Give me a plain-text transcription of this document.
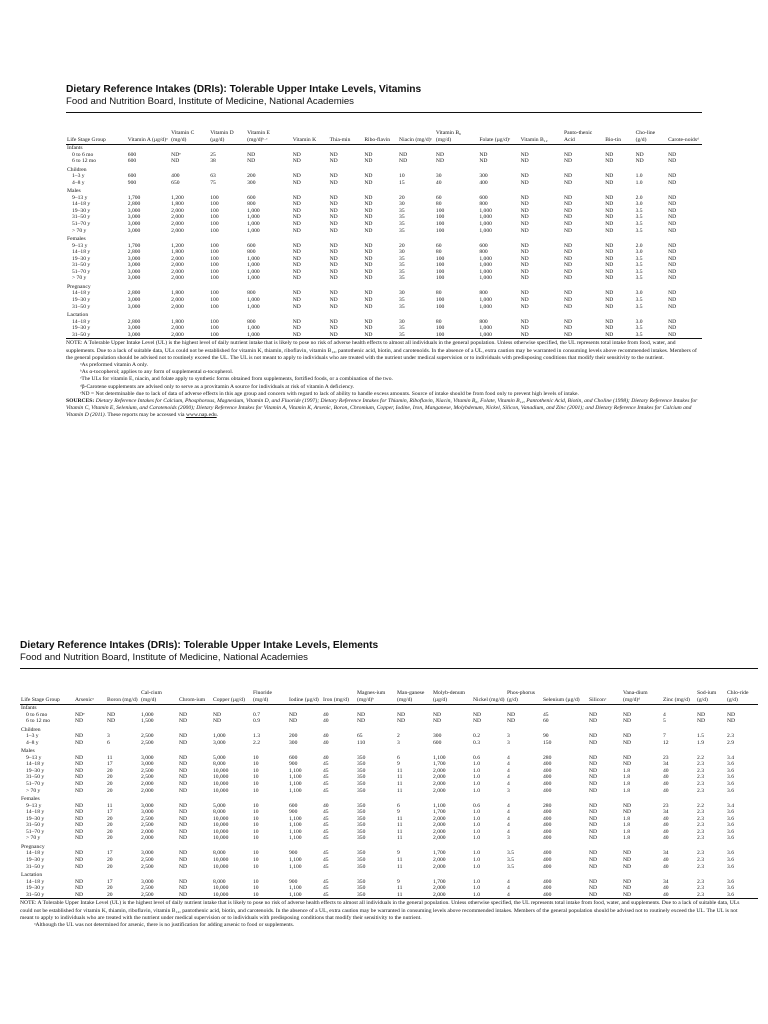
Dietary Reference Intakes (DRIs): Tolerable Upper Intake Levels, Vitamins
Food and Nutrition Board, Institute of Medicine, National Academies
Life Stage Group	Vitamin A (µg/d)ᵃ	Vitamin C (mg/d)	Vitamin D (µg/d)	Vitamin E (mg/d)ᵇ·ᶜ	Vitamin K	Thia-min	Ribo-flavin	Niacin (mg/d)ᶜ	Vitamin B₆ (mg/d)	Folate (µg/d)ᶜ	Vitamin B₁₂	Panto-thenic Acid	Bio-tin	Cho-line (g/d)	Carote-noidsᵈ
Infants															
0 to 6 mo	600	NDᵉ	25	ND	ND	ND	ND	ND	ND	ND	ND	ND	ND	ND	ND
6 to 12 mo	600	ND	38	ND	ND	ND	ND	ND	ND	ND	ND	ND	ND	ND	ND
Children															
1–3 y	600	400	63	200	ND	ND	ND	10	30	300	ND	ND	ND	1.0	ND
4–8 y	900	650	75	300	ND	ND	ND	15	40	400	ND	ND	ND	1.0	ND
Males															
9–13 y	1,700	1,200	100	600	ND	ND	ND	20	60	600	ND	ND	ND	2.0	ND
14–18 y	2,800	1,800	100	800	ND	ND	ND	30	80	800	ND	ND	ND	3.0	ND
19–30 y	3,000	2,000	100	1,000	ND	ND	ND	35	100	1,000	ND	ND	ND	3.5	ND
31–50 y	3,000	2,000	100	1,000	ND	ND	ND	35	100	1,000	ND	ND	ND	3.5	ND
51–70 y	3,000	2,000	100	1,000	ND	ND	ND	35	100	1,000	ND	ND	ND	3.5	ND
> 70 y	3,000	2,000	100	1,000	ND	ND	ND	35	100	1,000	ND	ND	ND	3.5	ND
Females															
9–13 y	1,700	1,200	100	600	ND	ND	ND	20	60	600	ND	ND	ND	2.0	ND
14–18 y	2,800	1,800	100	800	ND	ND	ND	30	80	800	ND	ND	ND	3.0	ND
19–30 y	3,000	2,000	100	1,000	ND	ND	ND	35	100	1,000	ND	ND	ND	3.5	ND
31–50 y	3,000	2,000	100	1,000	ND	ND	ND	35	100	1,000	ND	ND	ND	3.5	ND
51–70 y	3,000	2,000	100	1,000	ND	ND	ND	35	100	1,000	ND	ND	ND	3.5	ND
> 70 y	3,000	2,000	100	1,000	ND	ND	ND	35	100	1,000	ND	ND	ND	3.5	ND
Pregnancy															
14–18 y	2,800	1,800	100	800	ND	ND	ND	30	80	800	ND	ND	ND	3.0	ND
19–30 y	3,000	2,000	100	1,000	ND	ND	ND	35	100	1,000	ND	ND	ND	3.5	ND
31–50 y	3,000	2,000	100	1,000	ND	ND	ND	35	100	1,000	ND	ND	ND	3.5	ND
Lactation															
14–18 y	2,800	1,800	100	800	ND	ND	ND	30	80	800	ND	ND	ND	3.0	ND
19–30 y	3,000	2,000	100	1,000	ND	ND	ND	35	100	1,000	ND	ND	ND	3.5	ND
31–50 y	3,000	2,000	100	1,000	ND	ND	ND	35	100	1,000	ND	ND	ND	3.5	ND

NOTE: A Tolerable Upper Intake Level (UL) is the highest level of daily nutrient intake that is likely to pose no risk of adverse health effects to almost all individuals in the general population. Unless otherwise specified, the UL represents total intake from food, water, and supplements. Due to a lack of suitable data, ULs could not be established for vitamin K, thiamin, riboflavin, vitamin B₁₂, pantothenic acid, biotin, and carotenoids. In the absence of a UL, extra caution may be warranted in consuming levels above recommended intakes. Members of the general population should be advised not to routinely exceed the UL. The UL is not meant to apply to individuals who are treated with the nutrient under medical supervision or to individuals with predisposing conditions that modify their sensitivity to the nutrient.

ᵃAs preformed vitamin A only.

ᵇAs α-tocopherol; applies to any form of supplemental α-tocopherol.

ᶜThe ULs for vitamin E, niacin, and folate apply to synthetic forms obtained from supplements, fortified foods, or a combination of the two.

ᵈβ-Carotene supplements are advised only to serve as a provitamin A source for individuals at risk of vitamin A deficiency.

ᵉND = Not determinable due to lack of data of adverse effects in this age group and concern with regard to lack of ability to handle excess amounts. Source of intake should be from food only to prevent high levels of intake.

SOURCES: Dietary Reference Intakes for Calcium, Phosphorous, Magnesium, Vitamin D, and Fluoride (1997); Dietary Reference Intakes for Thiamin, Riboflavin, Niacin, Vitamin B₆, Folate, Vitamin B₁₂, Pantothenic Acid, Biotin, and Choline (1998); Dietary Reference Intakes for Vitamin C, Vitamin E, Selenium, and Carotenoids (2000); Dietary Reference Intakes for Vitamin A, Vitamin K, Arsenic, Boron, Chromium, Copper, Iodine, Iron, Manganese, Molybdenum, Nickel, Silicon, Vanadium, and Zinc (2001); and Dietary Reference Intakes for Calcium and Vitamin D (2011). These reports may be accessed via www.nap.edu.

Dietary Reference Intakes (DRIs): Tolerable Upper Intake Levels, Elements
Food and Nutrition Board, Institute of Medicine, National Academies
Life Stage Group	Arsenicᵃ	Boron (mg/d)	Cal-cium (mg/d)	Chrom-ium	Copper (µg/d)	Fluoride (mg/d)	Iodine (µg/d)	Iron (mg/d)	Magnes-ium (mg/d)ᵇ	Man-ganese (mg/d)	Molyb-denum (µg/d)	Nickel (mg/d)	Phos-phorus (g/d)	Selenium (µg/d)	Siliconᶜ	Vana-dium (mg/d)ᵈ	Zinc (mg/d)	Sod-ium (g/d)	Chlo-ride (g/d)
Infants																			
0 to 6 mo	NDᵉ	ND	1,000	ND	ND	0.7	ND	40	ND	ND	ND	ND	ND	45	ND	ND	4	ND	ND
6 to 12 mo	ND	ND	1,500	ND	ND	0.9	ND	40	ND	ND	ND	ND	ND	60	ND	ND	5	ND	ND
Children																			
1–3 y	ND	3	2,500	ND	1,000	1.3	200	40	65	2	300	0.2	3	90	ND	ND	7	1.5	2.3
4–8 y	ND	6	2,500	ND	3,000	2.2	300	40	110	3	600	0.3	3	150	ND	ND	12	1.9	2.9
Males																			
9–13 y	ND	11	3,000	ND	5,000	10	600	40	350	6	1,100	0.6	4	280	ND	ND	23	2.2	3.4
14–18 y	ND	17	3,000	ND	8,000	10	900	45	350	9	1,700	1.0	4	400	ND	ND	34	2.3	3.6
19–30 y	ND	20	2,500	ND	10,000	10	1,100	45	350	11	2,000	1.0	4	400	ND	1.8	40	2.3	3.6
31–50 y	ND	20	2,500	ND	10,000	10	1,100	45	350	11	2,000	1.0	4	400	ND	1.8	40	2.3	3.6
51–70 y	ND	20	2,000	ND	10,000	10	1,100	45	350	11	2,000	1.0	4	400	ND	1.8	40	2.3	3.6
> 70 y	ND	20	2,000	ND	10,000	10	1,100	45	350	11	2,000	1.0	3	400	ND	1.8	40	2.3	3.6
Females																			
9–13 y	ND	11	3,000	ND	5,000	10	600	40	350	6	1,100	0.6	4	280	ND	ND	23	2.2	3.4
14–18 y	ND	17	3,000	ND	8,000	10	900	45	350	9	1,700	1.0	4	400	ND	ND	34	2.3	3.6
19–30 y	ND	20	2,500	ND	10,000	10	1,100	45	350	11	2,000	1.0	4	400	ND	1.8	40	2.3	3.6
31–50 y	ND	20	2,500	ND	10,000	10	1,100	45	350	11	2,000	1.0	4	400	ND	1.8	40	2.3	3.6
51–70 y	ND	20	2,000	ND	10,000	10	1,100	45	350	11	2,000	1.0	4	400	ND	1.8	40	2.3	3.6
> 70 y	ND	20	2,000	ND	10,000	10	1,100	45	350	11	2,000	1.0	3	400	ND	1.8	40	2.3	3.6
Pregnancy																			
14–18 y	ND	17	3,000	ND	8,000	10	900	45	350	9	1,700	1.0	3.5	400	ND	ND	34	2.3	3.6
19–30 y	ND	20	2,500	ND	10,000	10	1,100	45	350	11	2,000	1.0	3.5	400	ND	ND	40	2.3	3.6
31–50 y	ND	20	2,500	ND	10,000	10	1,100	45	350	11	2,000	1.0	3.5	400	ND	ND	40	2.3	3.6
Lactation																			
14–18 y	ND	17	3,000	ND	8,000	10	900	45	350	9	1,700	1.0	4	400	ND	ND	34	2.3	3.6
19–30 y	ND	20	2,500	ND	10,000	10	1,100	45	350	11	2,000	1.0	4	400	ND	ND	40	2.3	3.6
31–50 y	ND	20	2,500	ND	10,000	10	1,100	45	350	11	2,000	1.0	4	400	ND	ND	40	2.3	3.6

NOTE: A Tolerable Upper Intake Level (UL) is the highest level of daily nutrient intake that is likely to pose no risk of adverse health effects to almost all individuals in the general population. Unless otherwise specified, the UL represents total intake from food, water, and supplements. Due to a lack of suitable data, ULs could not be established for vitamin K, thiamin, riboflavin, vitamin B₁₂, pantothenic acid, biotin, and carotenoids. In the absence of a UL, extra caution may be warranted in consuming levels above recommended intakes. Members of the general population should be advised not to routinely exceed the UL. The UL is not meant to apply to individuals who are treated with the nutrient under medical supervision or to individuals with predisposing conditions that modify their sensitivity to the nutrient.

ᵃAlthough the UL was not determined for arsenic, there is no justification for adding arsenic to food or supplements.
